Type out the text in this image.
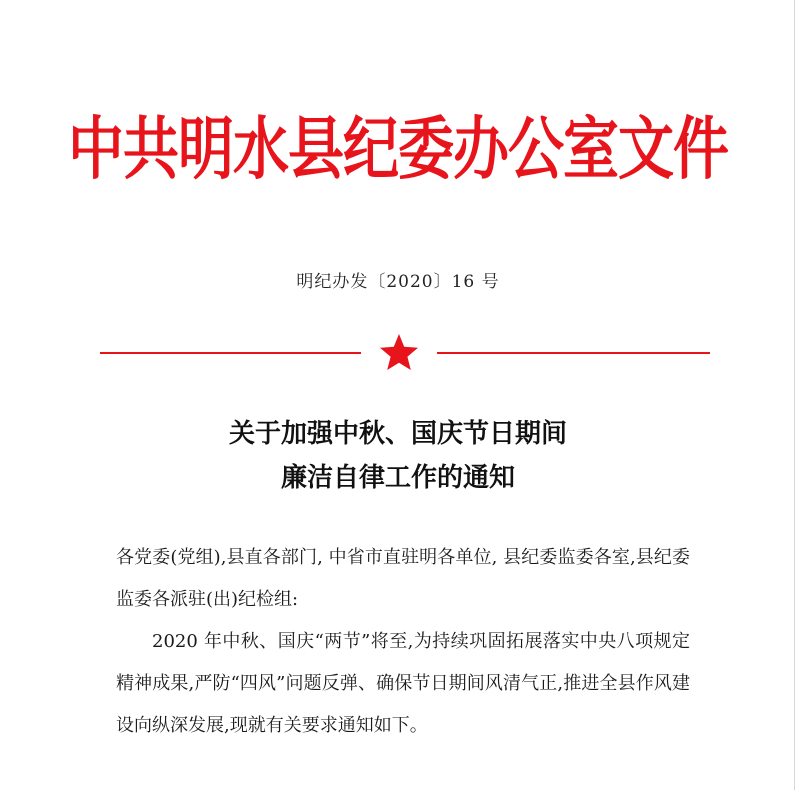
中共明水县纪委办公室文件
明纪办发〔2020〕16 号
关于加强中秋、国庆节日期间
廉洁自律工作的通知

各党委(党组),县直各部门, 中省市直驻明各单位, 县纪委监委各室,县纪委监委各派驻(出)纪检组:

2020 年中秋、国庆“两节”将至,为持续巩固拓展落实中央八项规定精神成果,严防“四风”问题反弹、确保节日期间风清气正,推进全县作风建设向纵深发展,现就有关要求通知如下。
